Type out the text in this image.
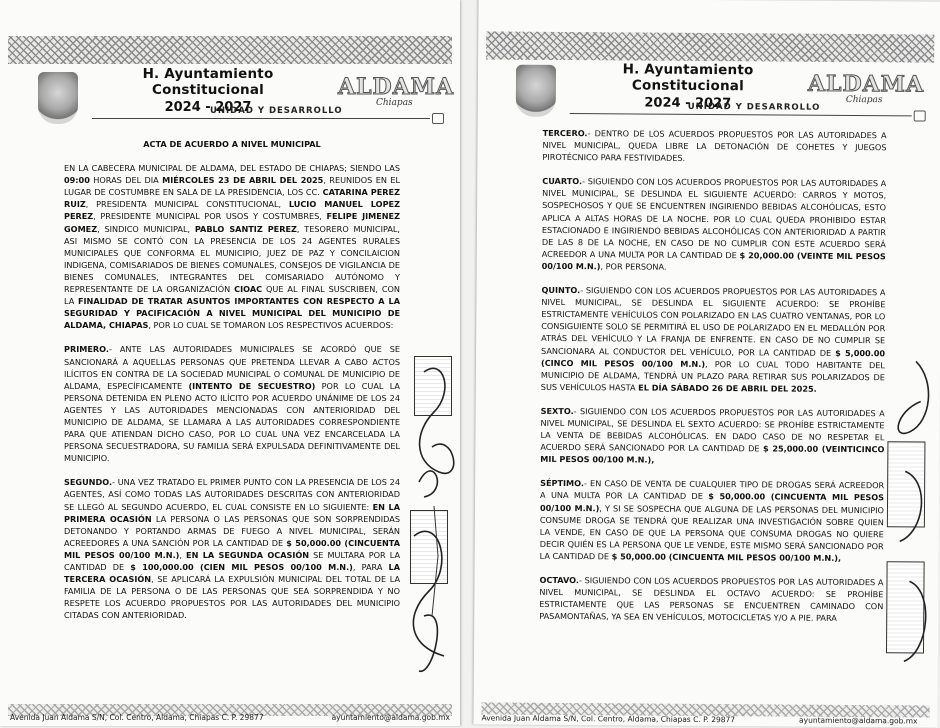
H. Ayuntamiento Constitucional
2024 - 2027
UNIDAD Y DESARROLLO
ALDAMA
Chiapas
ACTA DE ACUERDO A NIVEL MUNICIPAL

EN LA CABECERA MUNICIPAL DE ALDAMA, DEL ESTADO DE CHIAPAS; SIENDO LAS 09:00 HORAS DEL DIA MIÉRCOLES 23 DE ABRIL DEL 2025, REUNIDOS EN EL LUGAR DE COSTUMBRE EN SALA DE LA PRESIDENCIA, LOS CC. CATARINA PEREZ RUIZ, PRESIDENTA MUNICIPAL CONSTITUCIONAL, LUCIO MANUEL LOPEZ PEREZ, PRESIDENTE MUNICIPAL POR USOS Y COSTUMBRES, FELIPE JIMENEZ GOMEZ, SINDICO MUNICIPAL, PABLO SANTIZ PEREZ, TESORERO MUNICIPAL, ASI MISMO SE CONTÓ CON LA PRESENCIA DE LOS 24 AGENTES RURALES MUNICIPALES QUE CONFORMA EL MUNICIPIO, JUEZ DE PAZ Y CONCILAICION INDIGENA, COMISARIADOS DE BIENES COMUNALES, CONSEJOS DE VIGILANCIA DE BIENES COMUNALES, INTEGRANTES DEL COMISARIADO AUTÓNOMO Y REPRESENTANTE DE LA ORGANIZACIÓN CIOAC QUE AL FINAL SUSCRIBEN, CON LA FINALIDAD DE TRATAR ASUNTOS IMPORTANTES CON RESPECTO A LA SEGURIDAD Y PACIFICACIÓN A NIVEL MUNICIPAL DEL MUNICIPIO DE ALDAMA, CHIAPAS, POR LO CUAL SE TOMARON LOS RESPECTIVOS ACUERDOS:

PRIMERO.- ANTE LAS AUTORIDADES MUNICIPALES SE ACORDÓ QUE SE SANCIONARÁ A AQUELLAS PERSONAS QUE PRETENDA LLEVAR A CABO ACTOS ILÍCITOS EN CONTRA DE LA SOCIEDAD MUNICIPAL O COMUNAL DE MUNICIPIO DE ALDAMA, ESPECÍFICAMENTE (INTENTO DE SECUESTRO) POR LO CUAL LA PERSONA DETENIDA EN PLENO ACTO ILÍCITO POR ACUERDO UNÁNIME DE LOS 24 AGENTES Y LAS AUTORIDADES MENCIONADAS CON ANTERIORIDAD DEL MUNICIPIO DE ALDAMA, SE LLAMARA A LAS AUTORIDADES CORRESPONDIENTE PARA QUE ATIENDAN DICHO CASO, POR LO CUAL UNA VEZ ENCARCELADA LA PERSONA SECUESTRADORA, SU FAMILIA SERÁ EXPULSADA DEFINITIVAMENTE DEL MUNICIPIO.

SEGUNDO.- UNA VEZ TRATADO EL PRIMER PUNTO CON LA PRESENCIA DE LOS 24 AGENTES, ASÍ COMO TODAS LAS AUTORIDADES DESCRITAS CON ANTERIORIDAD SE LLEGÓ AL SEGUNDO ACUERDO, EL CUAL CONSISTE EN LO SIGUIENTE: EN LA PRIMERA OCASIÓN LA PERSONA O LAS PERSONAS QUE SON SORPRENDIDAS DETONANDO Y PORTANDO ARMAS DE FUEGO A NIVEL MUNICIPAL, SERÁN ACREEDORES A UNA SANCIÓN POR LA CANTIDAD DE $ 50,000.00 (CINCUENTA MIL PESOS 00/100 M.N.), EN LA SEGUNDA OCASIÓN SE MULTARA POR LA CANTIDAD DE $ 100,000.00 (CIEN MIL PESOS 00/100 M.N.), PARA LA TERCERA OCASIÓN, SE APLICARÁ LA EXPULSIÓN MUNICIPAL DEL TOTAL DE LA FAMILIA DE LA PERSONA O DE LAS PERSONAS QUE SEA SORPRENDIDA Y NO RESPETE LOS ACUERDO PROPUESTOS POR LAS AUTORIDADES DEL MUNICIPIO CITADAS CON ANTERIORIDAD.

Avenida Juan Aldama S/N, Col. Centro, Aldama, Chiapas C. P. 29877	ayuntamiento@aldama.gob.mx
H. Ayuntamiento Constitucional
2024 - 2027
UNIDAD Y DESARROLLO
ALDAMA
Chiapas

TERCERO.- DENTRO DE LOS ACUERDOS PROPUESTOS POR LAS AUTORIDADES A NIVEL MUNICIPAL, QUEDA LIBRE LA DETONACIÓN DE COHETES Y JUEGOS PIROTÉCNICO PARA FESTIVIDADES.

CUARTO.- SIGUIENDO CON LOS ACUERDOS PROPUESTOS POR LAS AUTORIDADES A NIVEL MUNICIPAL, SE DESLINDA EL SIGUIENTE ACUERDO: CARROS Y MOTOS, SOSPECHOSOS Y QUE SE ENCUENTREN INGIRIENDO BEBIDAS ALCOHÓLICAS, ESTO APLICA A ALTAS HORAS DE LA NOCHE. POR LO CUAL QUEDA PROHIBIDO ESTAR ESTACIONADO E INGIRIENDO BEBIDAS ALCOHÓLICAS CON ANTERIORIDAD A PARTIR DE LAS 8 DE LA NOCHE, EN CASO DE NO CUMPLIR CON ESTE ACUERDO SERÁ ACREEDOR A UNA MULTA POR LA CANTIDAD DE $ 20,000.00 (VEINTE MIL PESOS 00/100 M.N.), POR PERSONA.

QUINTO.- SIGUIENDO CON LOS ACUERDOS PROPUESTOS POR LAS AUTORIDADES A NIVEL MUNICIPAL, SE DESLINDA EL SIGUIENTE ACUERDO: SE PROHÍBE ESTRICTAMENTE VEHÍCULOS CON POLARIZADO EN LAS CUATRO VENTANAS, POR LO CONSIGUIENTE SOLO SE PERMITIRÁ EL USO DE POLARIZADO EN EL MEDALLÓN POR ATRÁS DEL VEHÍCULO Y LA FRANJA DE ENFRENTE. EN CASO DE NO CUMPLIR SE SANCIONARA AL CONDUCTOR DEL VEHÍCULO, POR LA CANTIDAD DE $ 5,000.00 (CINCO MIL PESOS 00/100 M.N.), POR LO CUAL TODO HABITANTE DEL MUNICIPIO DE ALDAMA, TENDRÁ UN PLAZO PARA RETIRAR SUS POLARIZADOS DE SUS VEHÍCULOS HASTA EL DÍA SÁBADO 26 DE ABRIL DEL 2025.

SEXTO.- SIGUIENDO CON LOS ACUERDOS PROPUESTOS POR LAS AUTORIDADES A NIVEL MUNICIPAL, SE DESLINDA EL SEXTO ACUERDO: SE PROHÍBE ESTRICTAMENTE LA VENTA DE BEBIDAS ALCOHÓLICAS. EN DADO CASO DE NO RESPETAR EL ACUERDO SERÁ SANCIONADO POR LA CANTIDAD DE $ 25,000.00 (VEINTICINCO MIL PESOS 00/100 M.N.),

SÉPTIMO.- EN CASO DE VENTA DE CUALQUIER TIPO DE DROGAS SERÁ ACREEDOR A UNA MULTA POR LA CANTIDAD DE $ 50,000.00 (CINCUENTA MIL PESOS 00/100 M.N.), Y SI SE SOSPECHA QUE ALGUNA DE LAS PERSONAS DEL MUNICIPIO CONSUME DROGA SE TENDRÁ QUE REALIZAR UNA INVESTIGACIÓN SOBRE QUIEN LA VENDE, EN CASO DE QUE LA PERSONA QUE CONSUMA DROGAS NO QUIERE DECIR QUIÉN ES LA PERSONA QUE LE VENDE, ESTE MISMO SERÁ SANCIONADO POR LA CANTIDAD DE $ 50,000.00 (CINCUENTA MIL PESOS 00/100 M.N.),

OCTAVO.- SIGUIENDO CON LOS ACUERDOS PROPUESTOS POR LAS AUTORIDADES A NIVEL MUNICIPAL, SE DESLINDA EL OCTAVO ACUERDO: SE PROHÍBE ESTRICTAMENTE QUE LAS PERSONAS SE ENCUENTREN CAMINADO CON PASAMONTAÑAS, YA SEA EN VEHÍCULOS, MOTOCICLETAS Y/O A PIE. PARA

Avenida Juan Aldama S/N, Col. Centro, Aldama, Chiapas C. P. 29877	ayuntamiento@aldama.gob.mx
